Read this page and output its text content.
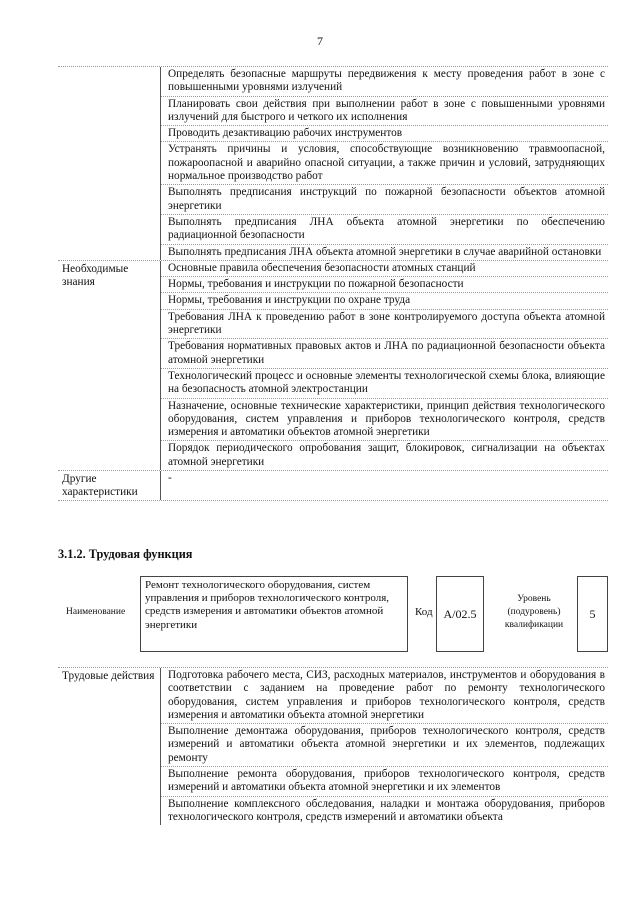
7
Определять безопасные маршруты передвижения к месту проведения работ в зоне с повышенными уровнями излучений
Планировать свои действия при выполнении работ в зоне с повышенными уровнями излучений для быстрого и четкого их исполнения
Проводить дезактивацию рабочих инструментов
Устранять причины и условия, способствующие возникновению травмоопасной, пожароопасной и аварийно опасной ситуации, а также причин и условий, затрудняющих нормальное производство работ
Выполнять предписания инструкций по пожарной безопасности объектов атомной энергетики
Выполнять предписания ЛНА объекта атомной энергетики по обеспечению радиационной безопасности
Выполнять предписания ЛНА объекта атомной энергетики в случае аварийной остановки
Необходимые знания
Основные правила обеспечения безопасности атомных станций
Нормы, требования и инструкции по пожарной безопасности
Нормы, требования и инструкции по охране труда
Требования ЛНА к проведению работ в зоне контролируемого доступа объекта атомной энергетики
Требования нормативных правовых актов и ЛНА по радиационной безопасности объекта атомной энергетики
Технологический процесс и основные элементы технологической схемы блока, влияющие на безопасность атомной электростанции
Назначение, основные технические характеристики, принцип действия технологического оборудования, систем управления и приборов технологического контроля, средств измерения и автоматики объектов атомной энергетики
Порядок периодического опробования защит, блокировок, сигнализации на объектах атомной энергетики
Другие характеристики
-
3.1.2. Трудовая функция
Наименование
Ремонт технологического оборудования, систем управления и приборов технологического контроля, средств измерения и автоматики объектов атомной энергетики
Код А/02.5
Уровень (подуровень) квалификации
5
Трудовые действия	Подготовка рабочего места, СИЗ, расходных материалов, инструментов и оборудования в соответствии с заданием на проведение работ по ремонту технологического оборудования, систем управления и приборов технологического контроля, средств измерения и автоматики объекта атомной энергетики
Выполнение демонтажа оборудования, приборов технологического контроля, средств измерений и автоматики объекта атомной энергетики и их элементов, подлежащих ремонту
Выполнение ремонта оборудования, приборов технологического контроля, средств измерений и автоматики объекта атомной энергетики и их элементов
Выполнение комплексного обследования, наладки и монтажа оборудования, приборов технологического контроля, средств измерений и автоматики объекта
